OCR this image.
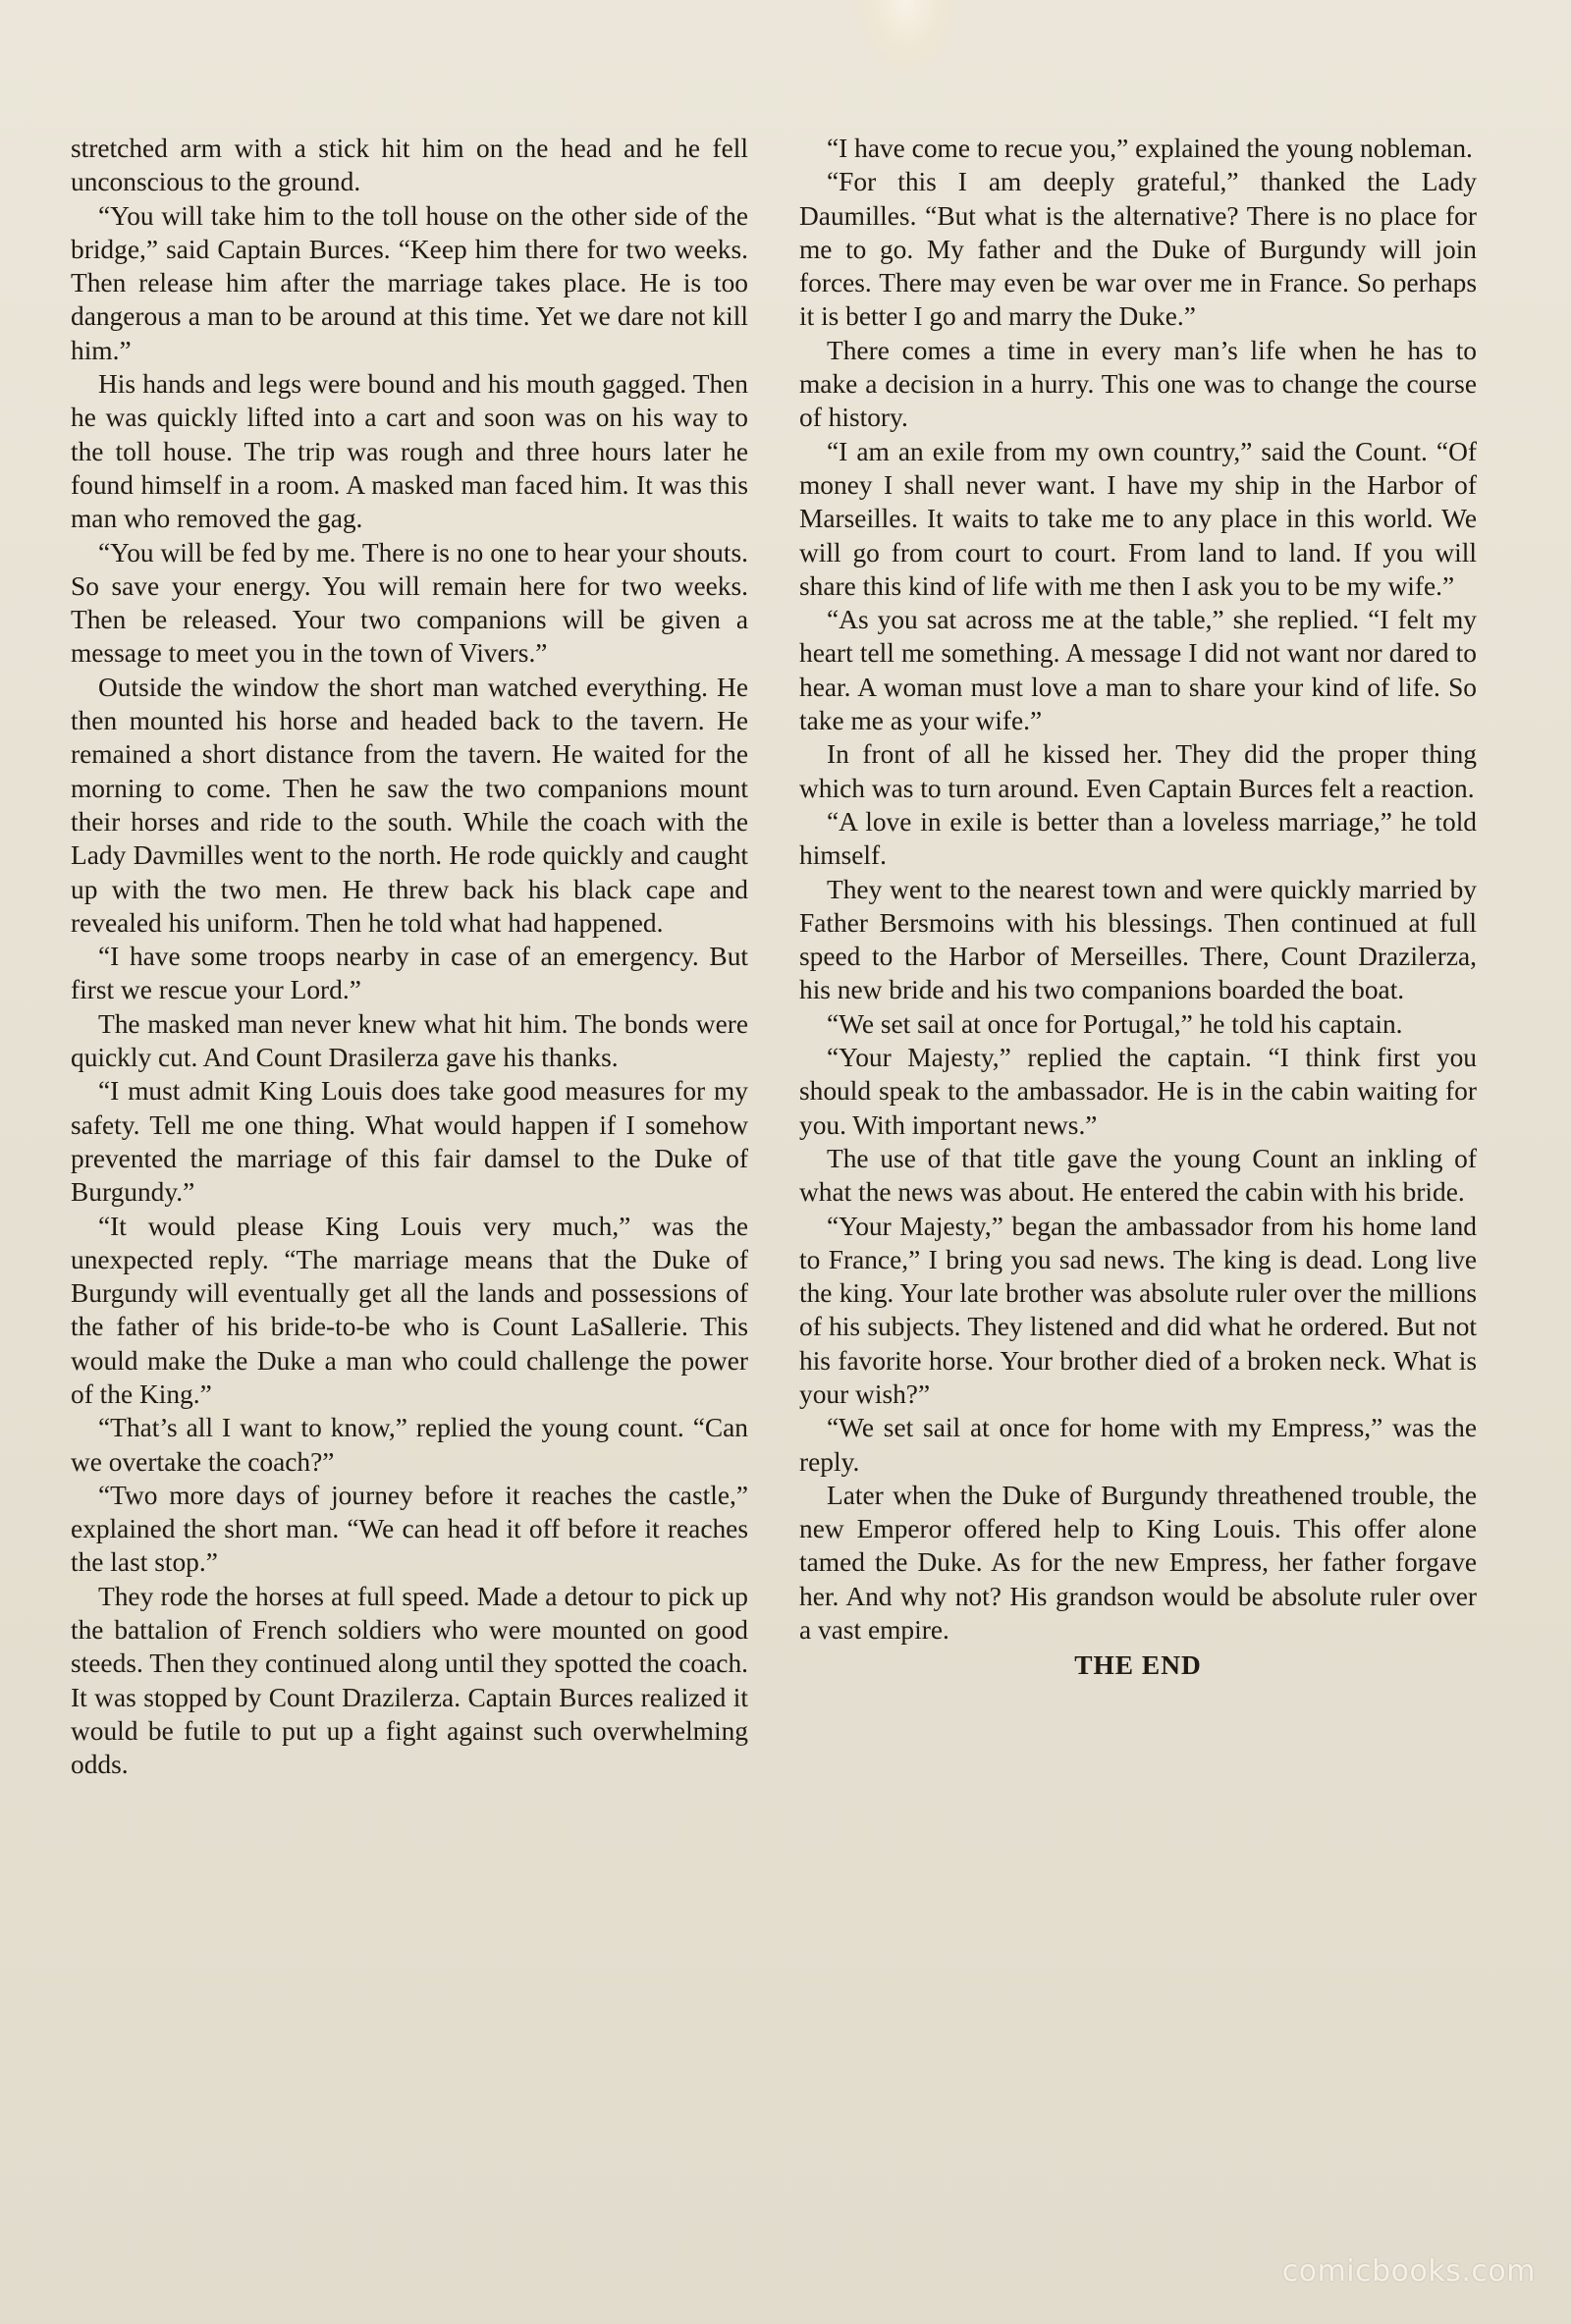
stretched arm with a stick hit him on the head and he fell unconscious to the ground.

“You will take him to the toll house on the other side of the bridge,” said Captain Burces. “Keep him there for two weeks. Then release him after the marriage takes place. He is too dangerous a man to be around at this time. Yet we dare not kill him.”

His hands and legs were bound and his mouth gagged. Then he was quickly lifted into a cart and soon was on his way to the toll house. The trip was rough and three hours later he found himself in a room. A masked man faced him. It was this man who removed the gag.

“You will be fed by me. There is no one to hear your shouts. So save your energy. You will remain here for two weeks. Then be released. Your two companions will be given a message to meet you in the town of Vivers.”

Outside the window the short man watched everything. He then mounted his horse and headed back to the tavern. He remained a short distance from the tavern. He waited for the morning to come. Then he saw the two companions mount their horses and ride to the south. While the coach with the Lady Davmilles went to the north. He rode quickly and caught up with the two men. He threw back his black cape and revealed his uniform. Then he told what had happened.

“I have some troops nearby in case of an emergency. But first we rescue your Lord.”

The masked man never knew what hit him. The bonds were quickly cut. And Count Drasilerza gave his thanks.

“I must admit King Louis does take good measures for my safety. Tell me one thing. What would happen if I somehow prevented the marriage of this fair damsel to the Duke of Burgundy.”

“It would please King Louis very much,” was the unexpected reply. “The marriage means that the Duke of Burgundy will eventually get all the lands and possessions of the father of his bride-to-be who is Count LaSallerie. This would make the Duke a man who could challenge the power of the King.”

“That’s all I want to know,” replied the young count. “Can we overtake the coach?”

“Two more days of journey before it reaches the castle,” explained the short man. “We can head it off before it reaches the last stop.”

They rode the horses at full speed. Made a detour to pick up the battalion of French soldiers who were mounted on good steeds. Then they continued along until they spotted the coach. It was stopped by Count Drazilerza. Captain Burces realized it would be futile to put up a fight against such overwhelming odds.

“I have come to recue you,” explained the young nobleman.

“For this I am deeply grateful,” thanked the Lady Daumilles. “But what is the alternative? There is no place for me to go. My father and the Duke of Burgundy will join forces. There may even be war over me in France. So perhaps it is better I go and marry the Duke.”

There comes a time in every man’s life when he has to make a decision in a hurry. This one was to change the course of history.

“I am an exile from my own country,” said the Count. “Of money I shall never want. I have my ship in the Harbor of Marseilles. It waits to take me to any place in this world. We will go from court to court. From land to land. If you will share this kind of life with me then I ask you to be my wife.”

“As you sat across me at the table,” she replied. “I felt my heart tell me something. A message I did not want nor dared to hear. A woman must love a man to share your kind of life. So take me as your wife.”

In front of all he kissed her. They did the proper thing which was to turn around. Even Captain Burces felt a reaction.

“A love in exile is better than a loveless marriage,” he told himself.

They went to the nearest town and were quickly married by Father Bersmoins with his blessings. Then continued at full speed to the Harbor of Merseilles. There, Count Drazilerza, his new bride and his two companions boarded the boat.

“We set sail at once for Portugal,” he told his captain.

“Your Majesty,” replied the captain. “I think first you should speak to the ambassador. He is in the cabin waiting for you. With important news.”

The use of that title gave the young Count an inkling of what the news was about. He entered the cabin with his bride.

“Your Majesty,” began the ambassador from his home land to France,” I bring you sad news. The king is dead. Long live the king. Your late brother was absolute ruler over the millions of his subjects. They listened and did what he ordered. But not his favorite horse. Your brother died of a broken neck. What is your wish?”

“We set sail at once for home with my Empress,” was the reply.

Later when the Duke of Burgundy threathened trouble, the new Emperor offered help to King Louis. This offer alone tamed the Duke. As for the new Empress, her father forgave her. And why not? His grandson would be absolute ruler over a vast empire.

THE END

comicbooks.com
